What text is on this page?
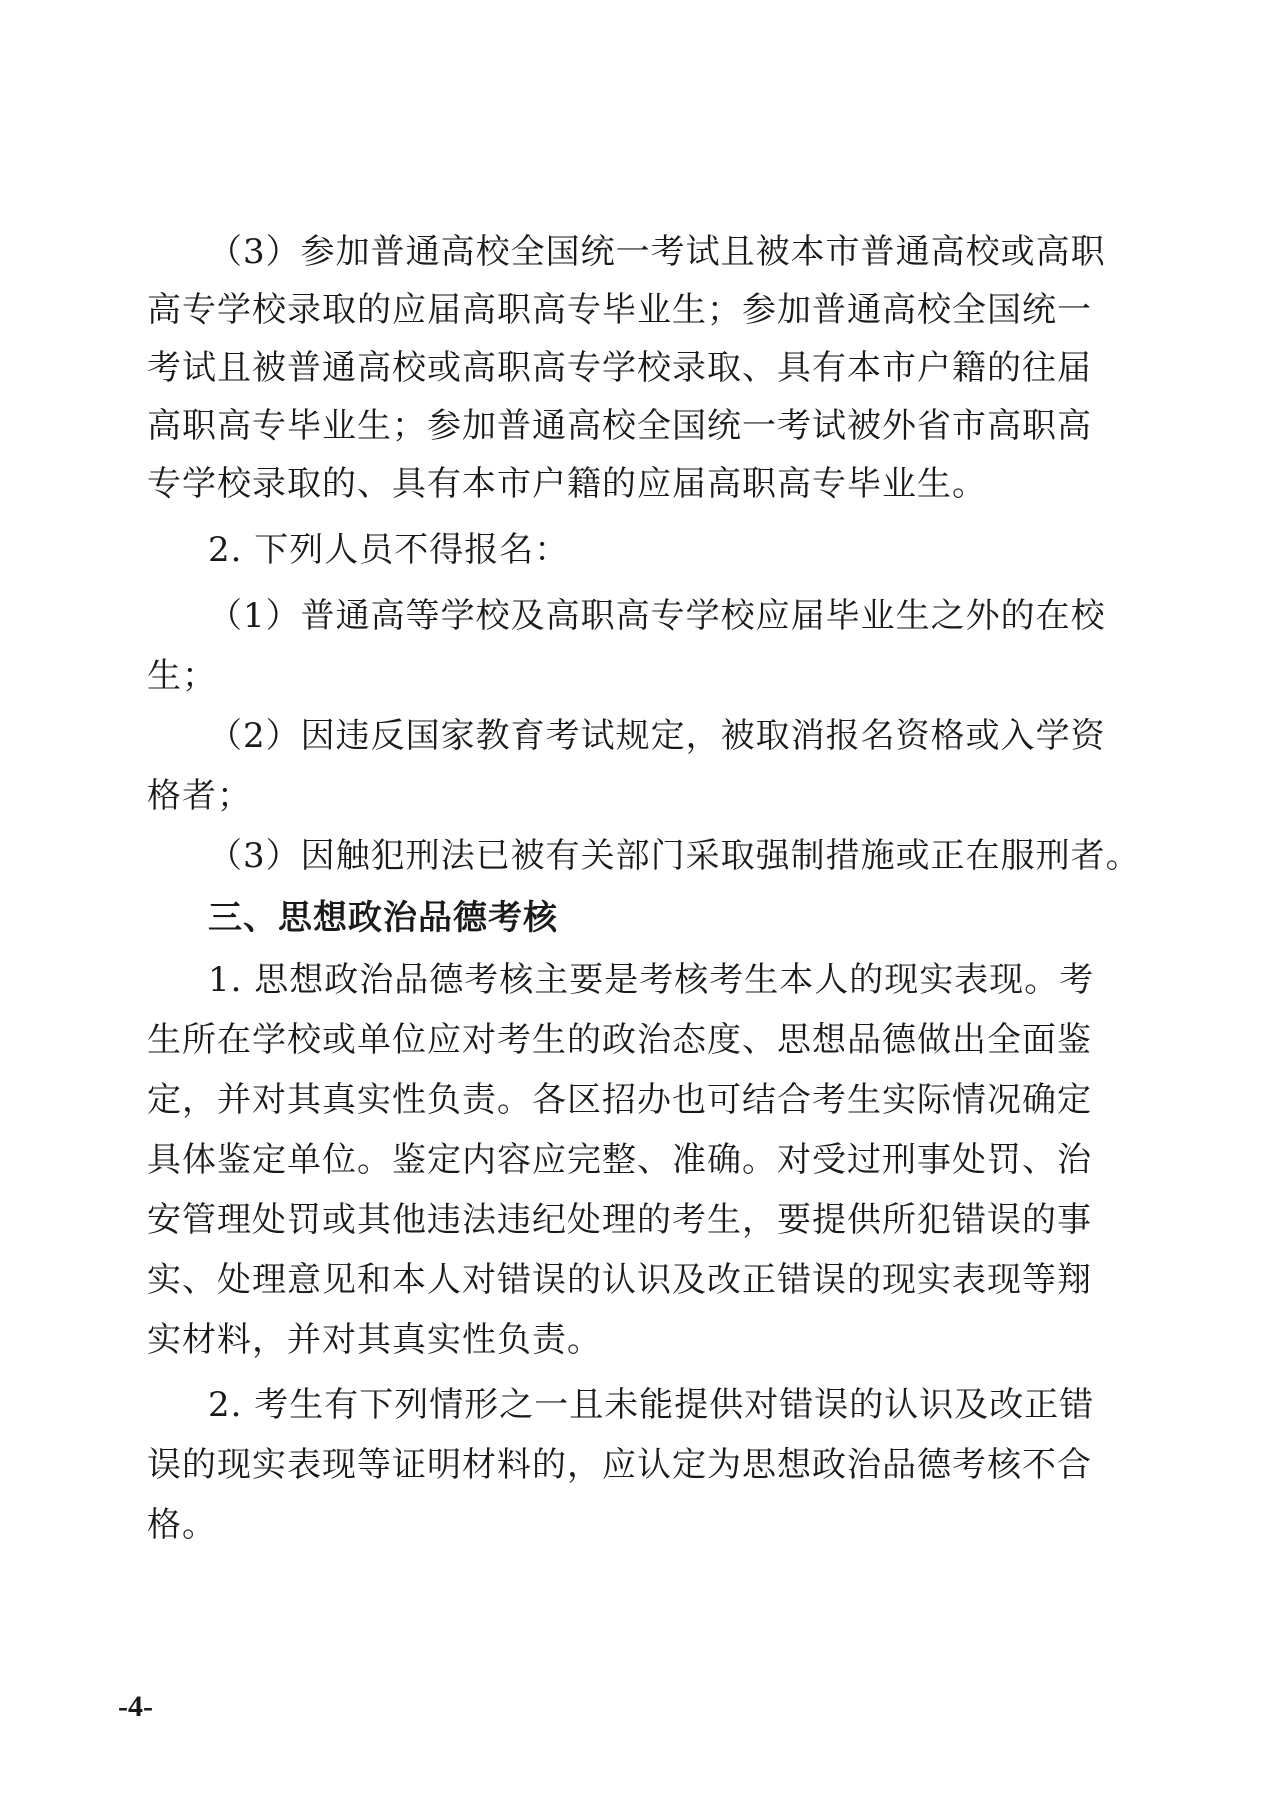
（3）参加普通高校全国统一考试且被本市普通高校或高职
高专学校录取的应届高职高专毕业生；参加普通高校全国统一
考试且被普通高校或高职高专学校录取、具有本市户籍的往届
高职高专毕业生；参加普通高校全国统一考试被外省市高职高
专学校录取的、具有本市户籍的应届高职高专毕业生。
2. 下列人员不得报名：
（1）普通高等学校及高职高专学校应届毕业生之外的在校
生；
（2）因违反国家教育考试规定，被取消报名资格或入学资
格者；
（3）因触犯刑法已被有关部门采取强制措施或正在服刑者。
三、思想政治品德考核
1. 思想政治品德考核主要是考核考生本人的现实表现。考
生所在学校或单位应对考生的政治态度、思想品德做出全面鉴
定，并对其真实性负责。各区招办也可结合考生实际情况确定
具体鉴定单位。鉴定内容应完整、准确。对受过刑事处罚、治
安管理处罚或其他违法违纪处理的考生，要提供所犯错误的事
实、处理意见和本人对错误的认识及改正错误的现实表现等翔
实材料，并对其真实性负责。
2. 考生有下列情形之一且未能提供对错误的认识及改正错
误的现实表现等证明材料的，应认定为思想政治品德考核不合
格。
-4-
